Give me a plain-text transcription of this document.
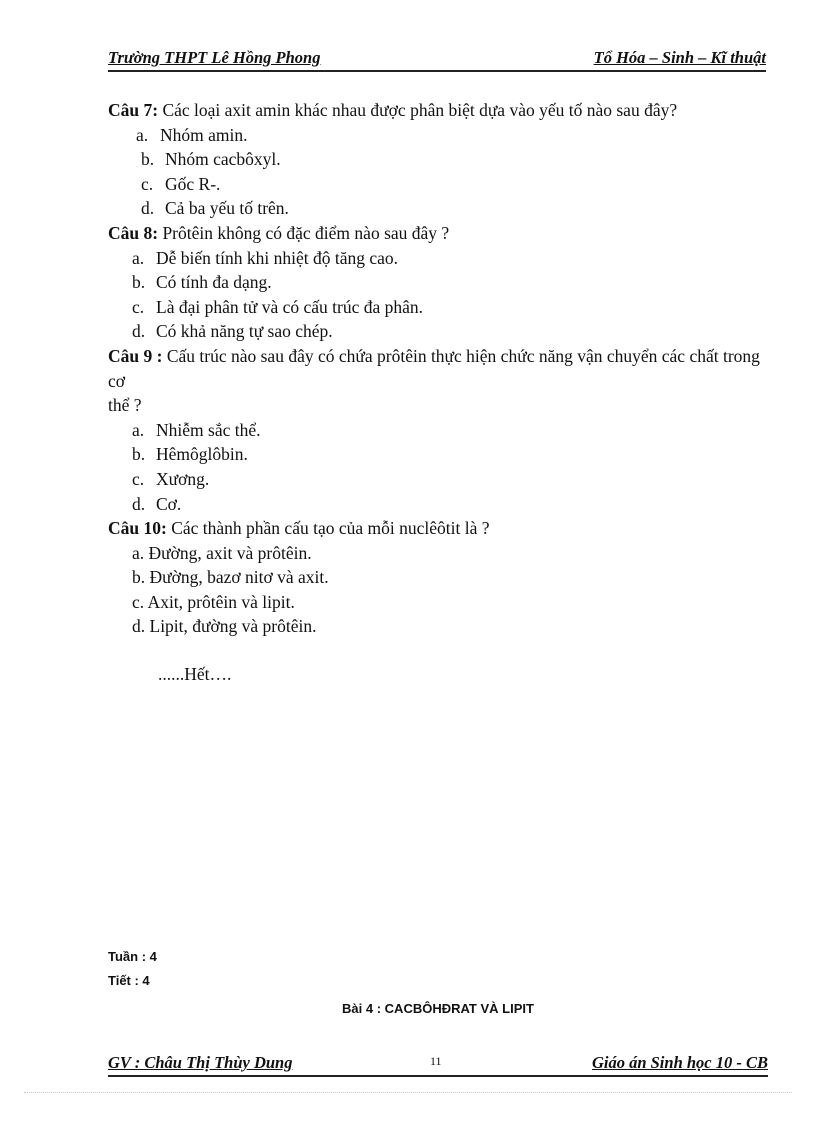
Trường THPT Lê Hồng Phong	Tổ Hóa – Sinh – Kĩ thuật

Câu 7: Các loại axit amin khác nhau được phân biệt dựa vào yếu tố nào sau đây?

a. Nhóm amin.

b. Nhóm cacbôxyl.

c. Gốc R-.

d. Cả ba yếu tố trên.

Câu 8: Prôtêin không có đặc điểm nào sau đây ?

a. Dễ biến tính khi nhiệt độ tăng cao.

b. Có tính đa dạng.

c. Là đại phân tử và có cấu trúc đa phân.

d. Có khả năng tự sao chép.

Câu 9 : Cấu trúc nào sau đây có chứa prôtêin thực hiện chức năng vận chuyển các chất trong cơ

thể ?

a. Nhiễm sắc thể.

b. Hêmôglôbin.

c. Xương.

d. Cơ.

Câu 10: Các thành phần cấu tạo của mỗi nuclêôtit là ?

a. Đường, axit và prôtêin.

b. Đường, bazơ nitơ và axit.

c. Axit, prôtêin và lipit.

d. Lipit, đường và prôtêin.

......Hết….

Tuần : 4
Tiết : 4
Bài 4 : CACBÔHĐRAT VÀ LIPIT
GV : Châu Thị Thùy Dung	11	Giáo án Sinh học 10 - CB
